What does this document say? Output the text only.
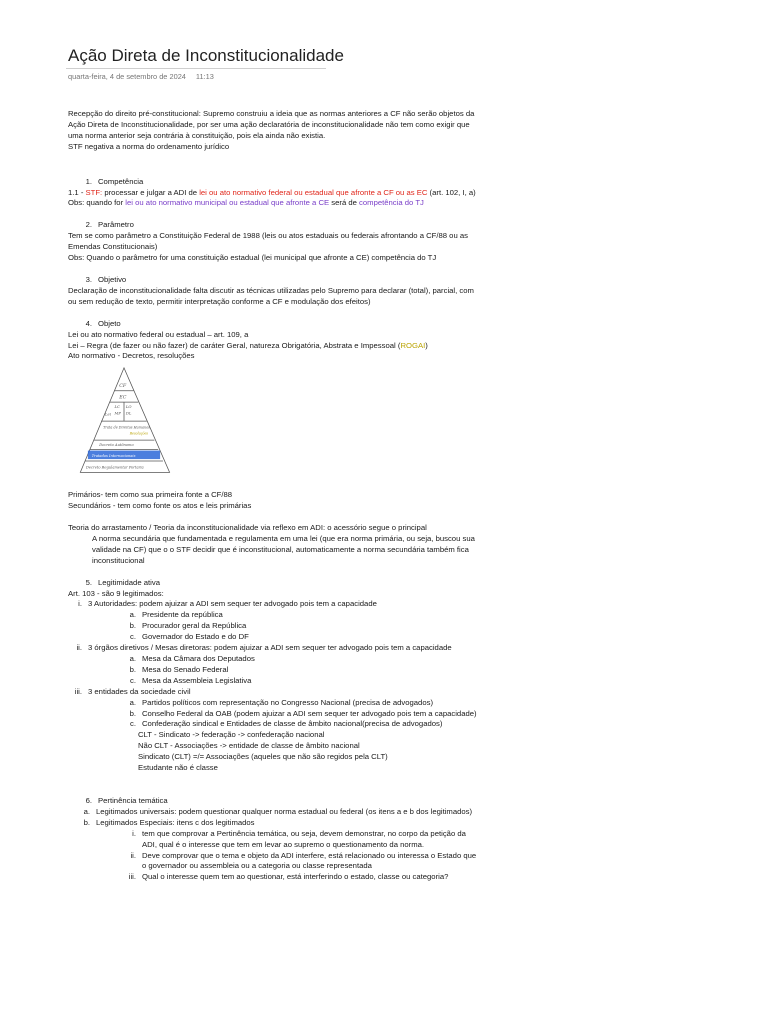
Ação Direta de Inconstitucionalidade
quarta-feira, 4 de setembro de 2024 11:13

Recepção do direito pré-constitucional: Supremo construiu a ideia que as normas anteriores a CF não serão objetos da Ação Direta de Inconstitucionalidade, por ser uma ação declaratória de inconstitucionalidade não tem como exigir que uma norma anterior seja contrária à constituição, pois ela ainda não existia.

STF negativa a norma do ordenamento jurídico

1. Competência

1.1 - STF: processar e julgar a ADI de lei ou ato normativo federal ou estadual que afronte a CF ou as EC (art. 102, I, a)

Obs: quando for lei ou ato normativo municipal ou estadual que afronte a CE será de competência do TJ

2. Parâmetro

Tem se como parâmetro a Constituição Federal de 1988 (leis ou atos estaduais ou federais afrontando a CF/88 ou as Emendas Constitucionais)

Obs: Quando o parâmetro for uma constituição estadual (lei municipal que afronte a CE) competência do TJ

3. Objetivo

Declaração de inconstitucionalidade falta discutir as técnicas utilizadas pelo Supremo para declarar (total), parcial, com ou sem redução de texto, permitir interpretação conforme a CF e modulação dos efeitos)

4. Objeto

Lei ou ato normativo federal ou estadual – art. 109, a

Lei – Regra (de fazer ou não fazer) de caráter Geral, natureza Obrigatória, Abstrata e Impessoal (ROGAI)

Ato normativo - Decretos, resoluções

CF
EC
LC LO
MP DL
Lei
Trata de Direitos Humanos
Resoluções
Decreto Autônomo
Tratados Internacionais
Decreto Regulamentar Portaria

Primários- tem como sua primeira fonte a CF/88

Secundários - tem como fonte os atos e leis primárias

Teoria do arrastamento / Teoria da inconstitucionalidade via reflexo em ADI: o acessório segue o principal

A norma secundária que fundamentada e regulamenta em uma lei (que era norma primária, ou seja, buscou sua validade na CF) que o o STF decidir que é inconstitucional, automaticamente a norma secundária também fica inconstitucional

5. Legitimidade ativa

Art. 103 - são 9 legitimados:

i. 3 Autoridades: podem ajuizar a ADI sem sequer ter advogado pois tem a capacidade
a. Presidente da república
b. Procurador geral da República
c. Governador do Estado e do DF
ii. 3 órgãos diretivos / Mesas diretoras: podem ajuizar a ADI sem sequer ter advogado pois tem a capacidade
a. Mesa da Câmara dos Deputados
b. Mesa do Senado Federal
c. Mesa da Assembleia Legislativa
iii. 3 entidades da sociedade civil
a. Partidos políticos com representação no Congresso Nacional (precisa de advogados)
b. Conselho Federal da OAB (podem ajuizar a ADI sem sequer ter advogado pois tem a capacidade)
c. Confederação sindical e Entidades de classe de âmbito nacional(precisa de advogados)

CLT - Sindicato -> federação -> confederação nacional

Não CLT - Associações -> entidade de classe de âmbito nacional

Sindicato (CLT) =/= Associações (aqueles que não são regidos pela CLT)

Estudante não é classe

6. Pertinência temática
a. Legitimados universais: podem questionar qualquer norma estadual ou federal (os itens a e b dos legitimados)
b. Legitimados Especiais: itens c dos legitimados
i. tem que comprovar a Pertinência temática, ou seja, devem demonstrar, no corpo da petição da ADI, qual é o interesse que tem em levar ao supremo o questionamento da norma.
ii. Deve comprovar que o tema e objeto da ADI interfere, está relacionado ou interessa o Estado que o governador ou assembleia ou a categoria ou classe representada
iii. Qual o interesse quem tem ao questionar, está interferindo o estado, classe ou categoria?
